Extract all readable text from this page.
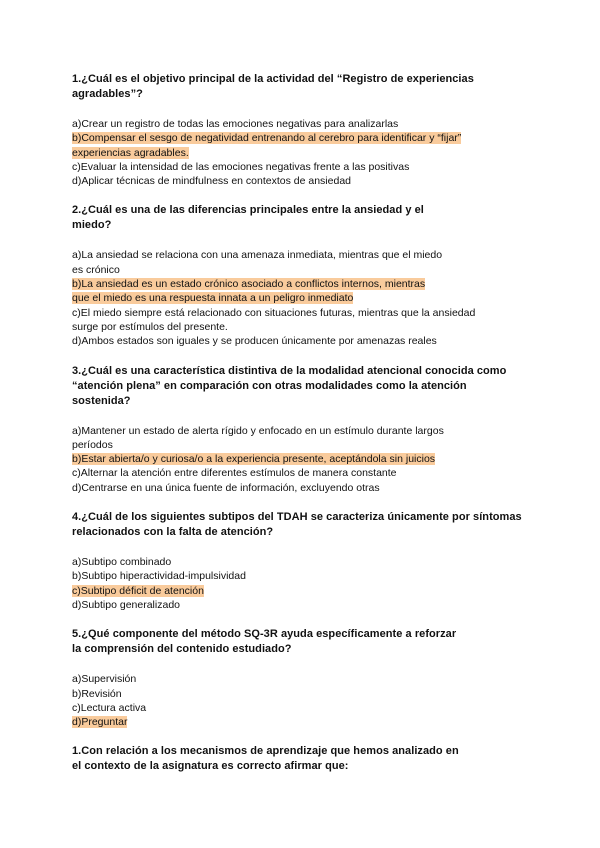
1.¿Cuál es el objetivo principal de la actividad del “Registro de experiencias
agradables”?

a)Crear un registro de todas las emociones negativas para analizarlas
b)Compensar el sesgo de negatividad entrenando al cerebro para identificar y “fijar”
experiencias agradables.
c)Evaluar la intensidad de las emociones negativas frente a las positivas
d)Aplicar técnicas de mindfulness en contextos de ansiedad

2.¿Cuál es una de las diferencias principales entre la ansiedad y el
miedo?

a)La ansiedad se relaciona con una amenaza inmediata, mientras que el miedo
es crónico
b)La ansiedad es un estado crónico asociado a conflictos internos, mientras
que el miedo es una respuesta innata a un peligro inmediato
c)El miedo siempre está relacionado con situaciones futuras, mientras que la ansiedad
surge por estímulos del presente.
d)Ambos estados son iguales y se producen únicamente por amenazas reales

3.¿Cuál es una característica distintiva de la modalidad atencional conocida como
“atención plena” en comparación con otras modalidades como la atención
sostenida?

a)Mantener un estado de alerta rígido y enfocado en un estímulo durante largos
períodos
b)Estar abierta/o y curiosa/o a la experiencia presente, aceptándola sin juicios
c)Alternar la atención entre diferentes estímulos de manera constante
d)Centrarse en una única fuente de información, excluyendo otras

4.¿Cuál de los siguientes subtipos del TDAH se caracteriza únicamente por síntomas
relacionados con la falta de atención?

a)Subtipo combinado
b)Subtipo hiperactividad-impulsividad
c)Subtipo déficit de atención
d)Subtipo generalizado

5.¿Qué componente del método SQ-3R ayuda específicamente a reforzar
la comprensión del contenido estudiado?

a)Supervisión
b)Revisión
c)Lectura activa
d)Preguntar

1.Con relación a los mecanismos de aprendizaje que hemos analizado en
el contexto de la asignatura es correcto afirmar que:
